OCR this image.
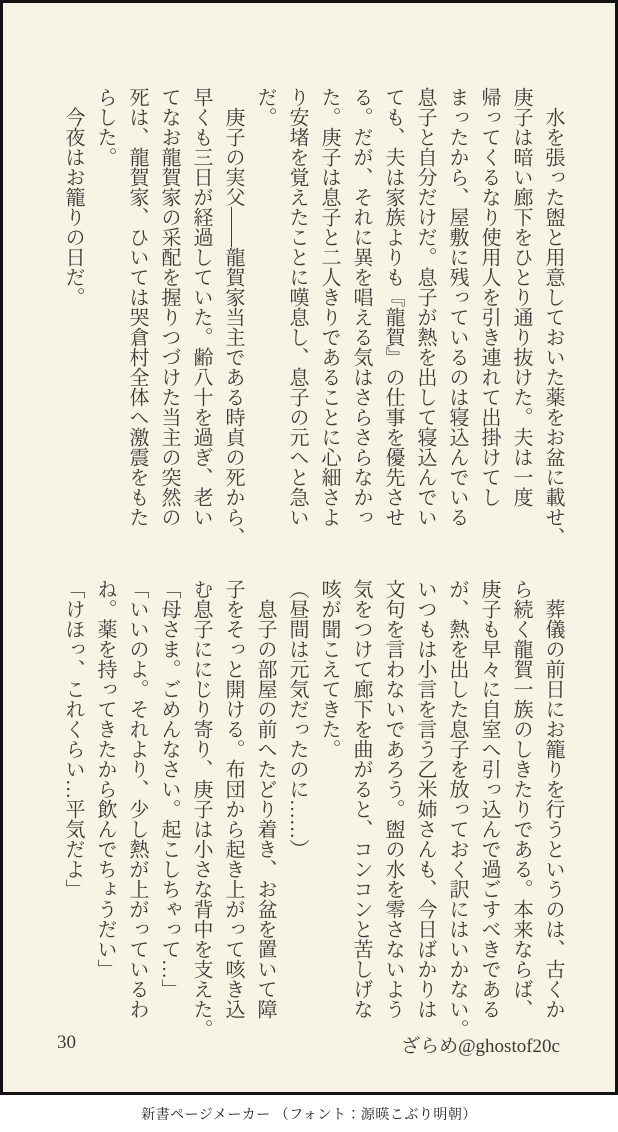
　水を張った盥と用意しておいた薬をお盆に載せ、

庚子は暗い廊下をひとり通り抜けた。夫は一度

帰ってくるなり使用人を引き連れて出掛けてし

まったから、屋敷に残っているのは寝込んでいる

息子と自分だけだ。息子が熱を出して寝込んでい

ても、夫は家族よりも『龍賀』の仕事を優先させ

る。だが、それに異を唱える気はさらさらなかっ

た。庚子は息子と二人きりであることに心細さよ

り安堵を覚えたことに嘆息し、息子の元へと急い

だ。

　庚子の実父――龍賀家当主である時貞の死から、

早くも三日が経過していた。齢八十を過ぎ、老い

てなお龍賀家の采配を握りつづけた当主の突然の

死は、龍賀家、ひいては哭倉村全体へ激震をもた

らした。

　今夜はお籠りの日だ。

　葬儀の前日にお籠りを行うというのは、古くか

ら続く龍賀一族のしきたりである。本来ならば、

庚子も早々に自室へ引っ込んで過ごすべきである

が、熱を出した息子を放っておく訳にはいかない。

いつもは小言を言う乙米姉さんも、今日ばかりは

文句を言わないであろう。盥の水を零さないよう

気をつけて廊下を曲がると、コンコンと苦しげな

咳が聞こえてきた。

（昼間は元気だったのに……）

　息子の部屋の前へたどり着き、お盆を置いて障

子をそっと開ける。布団から起き上がって咳き込

む息子ににじり寄り、庚子は小さな背中を支えた。

「母さま。ごめんなさい。起こしちゃって…」

「いいのよ。それより、少し熱が上がっているわ

ね。薬を持ってきたから飲んでちょうだい」

「けほっ、これくらい…平気だよ」

30	ざらめ@ghostof20c
新書ページメーカー （フォント：源暎こぶり明朝）
